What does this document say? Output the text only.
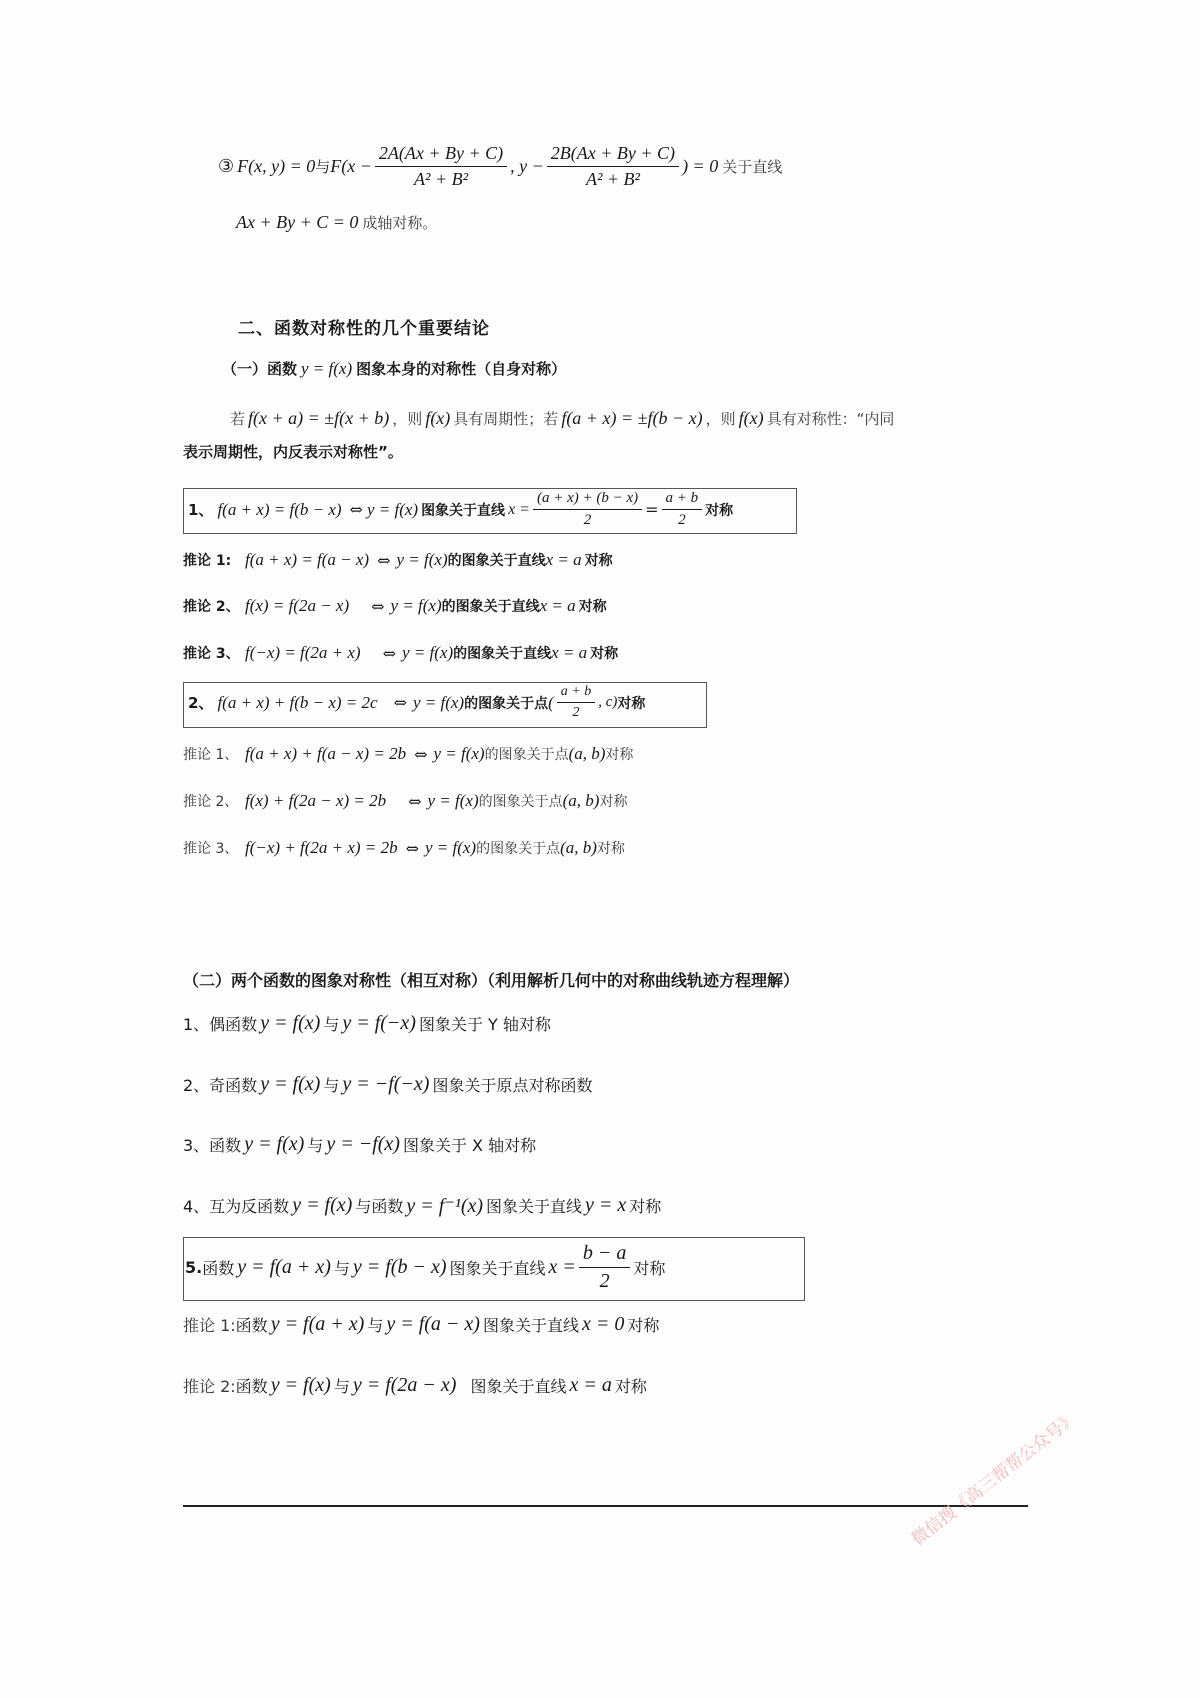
③ F(x, y) = 0 与 $F(x - \frac{2A(Ax + By + C)}{\text{A² + B²}}$ , $y - \frac{2B(Ax + By + C)}{\text{A² + B²}}$ ) = 0 关于直线
Ax + By + C = 0 成轴对称。
二、函数对称性的几个重要结论
（一）函数 y = f(x) 图象本身的对称性（自身对称）
若 f(x + a) = ±f(x + b) ，则 f(x) 具有周期性；若 f(a + x) = ±f(b − x) ，则 f(x) 具有对称性：“内同
表示周期性，内反表示对称性”。
1、 f(a + x) = f(b − x) ⇔ y = f(x) 图象关于直线 $x = \frac{(a + x) + (b - x)}{2} = \frac{a + b}{2}$ 对称
推论 1: f(a + x) = f(a − x) ⇔ y = f(x) 的图象关于直线 x = a 对称
推论 2、 f(x) = f(2a − x) ⇔ y = f(x) 的图象关于直线 x = a 对称
推论 3、 f(−x) = f(2a + x) ⇔ y = f(x) 的图象关于直线 x = a 对称
2、 f(a + x) + f(b − x) = 2c ⇔ y = f(x) 的图象关于点 ( $\frac{a + b}{2}$ , c) 对称
推论 1、 f(a + x) + f(a − x) = 2b ⇔ y = f(x) 的图象关于点 (a, b) 对称
推论 2、 f(x) + f(2a − x) = 2b ⇔ y = f(x) 的图象关于点 (a, b) 对称
推论 3、 f(−x) + f(2a + x) = 2b ⇔ y = f(x) 的图象关于点 (a, b) 对称
（二）两个函数的图象对称性（相互对称）（利用解析几何中的对称曲线轨迹方程理解）
1、偶函数 y = f(x) 与 y = f(−x) 图象关于 Y 轴对称
2、奇函数 y = f(x) 与 y = −f(−x) 图象关于原点对称函数
3、函数 y = f(x) 与 y = −f(x) 图象关于 X 轴对称
4、互为反函数 y = f(x) 与函数 y = f⁻¹(x) 图象关于直线 y = x 对称
5. 函数 y = f(a + x) 与 y = f(b − x) 图象关于直线 $x = \frac{b - a}{2}$ 对称
推论 1: 函数 y = f(a + x) 与 y = f(a − x) 图象关于直线 x = 0 对称
推论 2: 函数 y = f(x) 与 y = f(2a − x) 图象关于直线 x = a 对称
微信搜《高三帮帮公众号》
